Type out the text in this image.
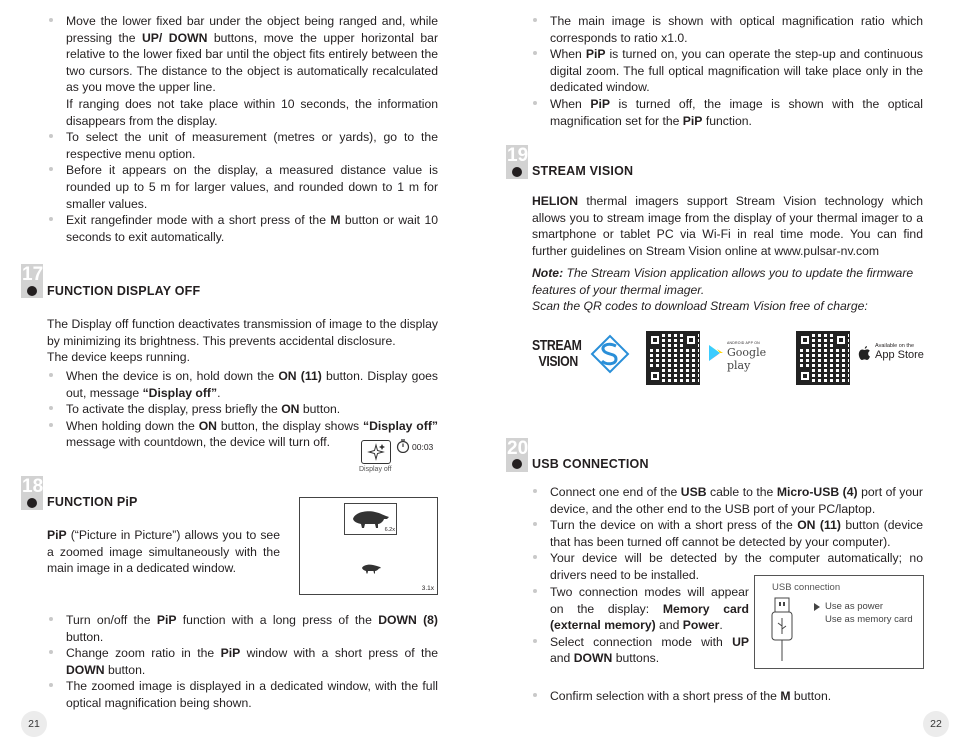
Move the lower fixed bar under the object being ranged and, while pressing the UP/ DOWN buttons, move the upper horizontal bar relative to the lower fixed bar until the object fits entirely between the two cursors. The distance to the object is automatically recalculated as you move the upper line.
If ranging does not take place within 10 seconds, the information disappears from the display.
To select the unit of measurement (metres or yards), go to the respective menu option.
Before it appears on the display, a measured distance value is rounded up to 5 m for larger values, and rounded down to 1 m for smaller values.
Exit rangefinder mode with a short press of the M button or wait 10 seconds to exit automatically.
17
FUNCTION DISPLAY OFF
The Display off function deactivates transmission of image to the display by minimizing its brightness. This prevents accidental disclosure.
The device keeps running.
When the device is on, hold down the ON (11) button. Display goes out, message “Display off”.
To activate the display, press briefly the ON button.
When holding down the ON button, the display shows “Display off” message with countdown, the device will turn off.	00:03
Display off
18
FUNCTION PiP
PiP (“Picture in Picture”) allows you to see a zoomed image simultaneously with the main image in a dedicated window.
6.2x
3.1x
Turn on/off the PiP function with a long press of the DOWN (8) button.
Change zoom ratio in the PiP window with a short press of the DOWN button.
The zoomed image is displayed in a dedicated window, with the full optical magnification being shown.
21
The main image is shown with optical magnification ratio which corresponds to ratio x1.0.
When PiP is turned on, you can operate the step-up and continuous digital zoom. The full optical magnification will take place only in the dedicated window.
When PiP is turned off, the image is shown with the optical magnification set for the PiP function.
19
STREAM VISION
HELION thermal imagers support Stream Vision technology which allows you to stream image from the display of your thermal imager to a smartphone or tablet PC via Wi-Fi in real time mode. You can find further guidelines on Stream Vision online at www.pulsar-nv.com
Note: The Stream Vision application allows you to update the firmware features of your thermal imager.
Scan the QR codes to download Stream Vision free of charge:
STREAM
VISION
ANDROID APP ON
Google play
Available on the
App Store
20
USB CONNECTION
Connect one end of the USB cable to the Micro-USB (4) port of your device, and the other end to the USB port of your PC/laptop.
Turn the device on with a short press of the ON (11) button (device that has been turned off cannot be detected by your computer).
Your device will be detected by the computer automatically; no drivers need to be installed.
Two connection modes will appear on the display: Memory card (external memory) and Power.
Select connection mode with UP and DOWN buttons.
Confirm selection with a short press of the M button.
USB connection
Use as power
Use as memory card
22
